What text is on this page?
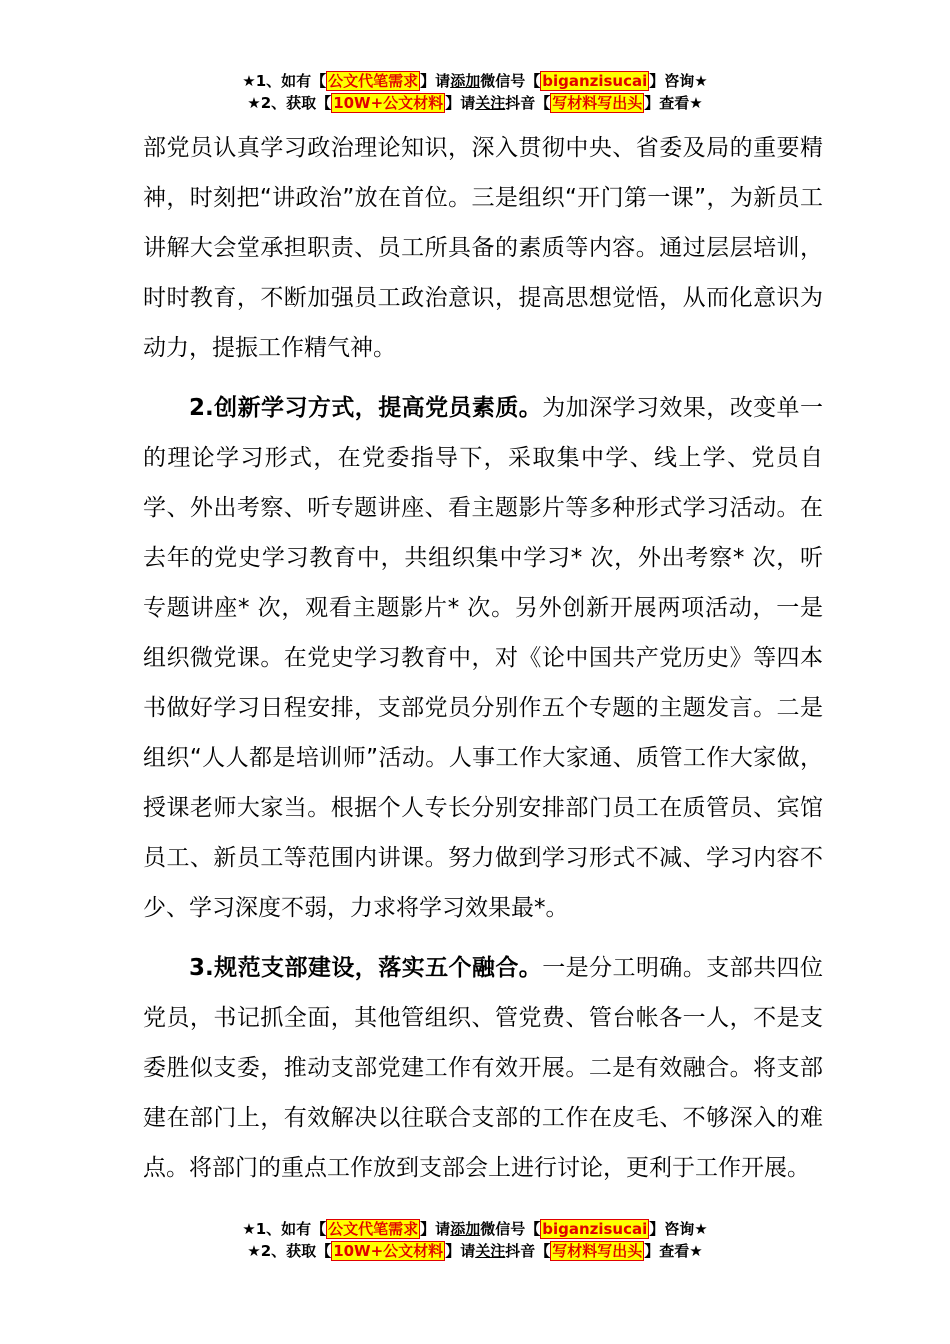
★1、如有【 公文代笔需求 】请添加微信号【 biganzisucai 】咨询★
★2、获取【 10W+公文材料 】请关注抖音【 写材料写出头 】查看★

部党员认真学习政治理论知识，深入贯彻中央、省委及局的重要精神，时刻把“讲政治”放在首位。三是组织“开门第一课”，为新员工讲解大会堂承担职责、员工所具备的素质等内容。通过层层培训，时时教育，不断加强员工政治意识，提高思想觉悟，从而化意识为动力，提振工作精气神。

2.创新学习方式，提高党员素质。为加深学习效果，改变单一的理论学习形式，在党委指导下，采取集中学、线上学、党员自学、外出考察、听专题讲座、看主题影片等多种形式学习活动。在去年的党史学习教育中，共组织集中学习* 次，外出考察* 次，听专题讲座* 次，观看主题影片* 次。另外创新开展两项活动，一是组织微党课。在党史学习教育中，对《论中国共产党历史》等四本书做好学习日程安排，支部党员分别作五个专题的主题发言。二是组织“人人都是培训师”活动。人事工作大家通、质管工作大家做，授课老师大家当。根据个人专长分别安排部门员工在质管员、宾馆员工、新员工等范围内讲课。努力做到学习形式不减、学习内容不少、学习深度不弱，力求将学习效果最*。

3.规范支部建设，落实五个融合。一是分工明确。支部共四位党员，书记抓全面，其他管组织、管党费、管台帐各一人，不是支委胜似支委，推动支部党建工作有效开展。二是有效融合。将支部建在部门上，有效解决以往联合支部的工作在皮毛、不够深入的难点。将部门的重点工作放到支部会上进行讨论，更利于工作开展。

★1、如有【 公文代笔需求 】请添加微信号【 biganzisucai 】咨询★
★2、获取【 10W+公文材料 】请关注抖音【 写材料写出头 】查看★
